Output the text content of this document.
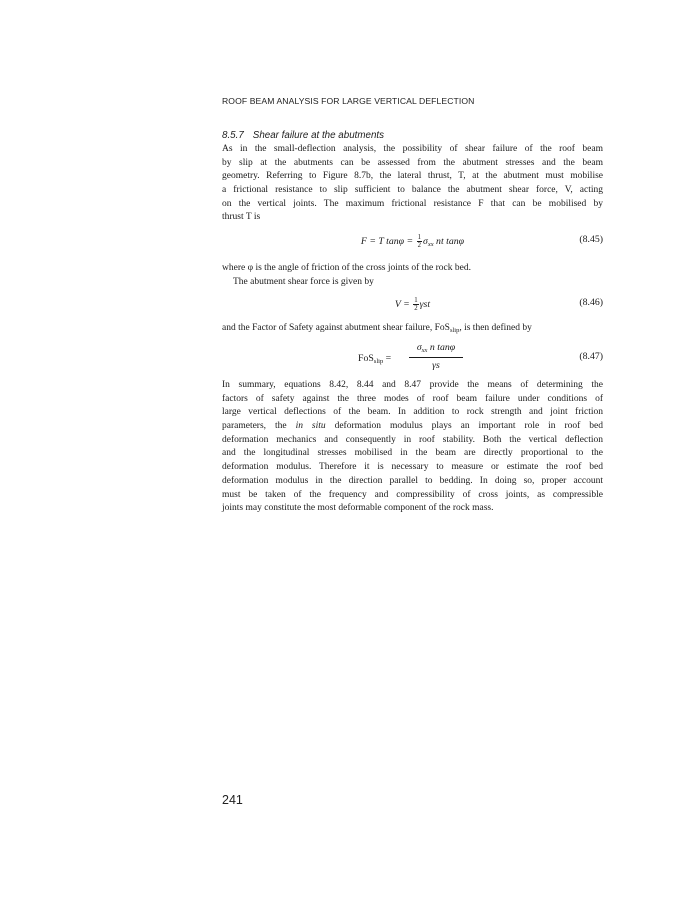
ROOF BEAM ANALYSIS FOR LARGE VERTICAL DEFLECTION
8.5.7 Shear failure at the abutments
As in the small-deflection analysis, the possibility of shear failure of the roof beam
by slip at the abutments can be assessed from the abutment stresses and the beam
geometry. Referring to Figure 8.7b, the lateral thrust, T, at the abutment must mobilise
a frictional resistance to slip sufficient to balance the abutment shear force, V, acting
on the vertical joints. The maximum frictional resistance F that can be mobilised by
thrust T is
F = T $\tan\varphi = \frac{1}{2} \sigma_{xx}$ nt tanφ	(8.45)
where φ is the angle of friction of the cross joints of the rock bed.
The abutment shear force is given by
$V = \frac{1}{2}$ γst	(8.46)
and the Factor of Safety against abutment shear failure, FoS$_{slip}$, is then defined by
FoS$_{slip}$ =
$\sigma_{xx}$ n tanφ
γs
(8.47)
In summary, equations 8.42, 8.44 and 8.47 provide the means of determining the
factors of safety against the three modes of roof beam failure under conditions of
large vertical deflections of the beam. In addition to rock strength and joint friction
parameters, the in situ deformation modulus plays an important role in roof bed
deformation mechanics and consequently in roof stability. Both the vertical deflection
and the longitudinal stresses mobilised in the beam are directly proportional to the
deformation modulus. Therefore it is necessary to measure or estimate the roof bed
deformation modulus in the direction parallel to bedding. In doing so, proper account
must be taken of the frequency and compressibility of cross joints, as compressible
joints may constitute the most deformable component of the rock mass.
241
